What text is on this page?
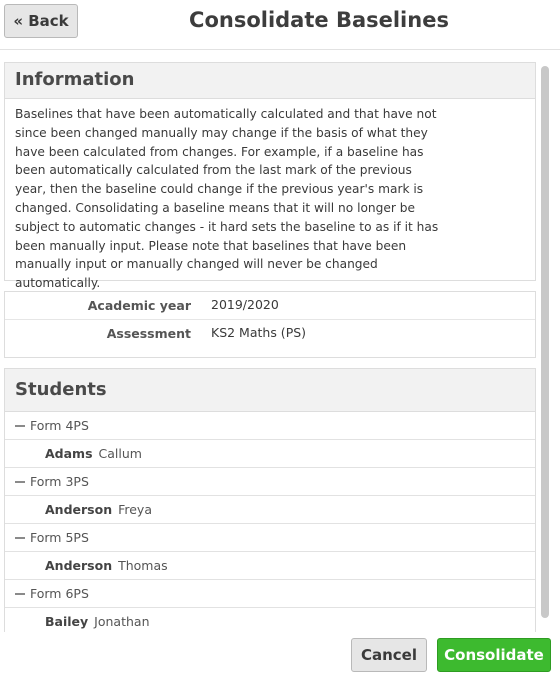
« Back	Consolidate Baselines
Information
Baselines that have been automatically calculated and that have not since been changed manually may change if the basis of what they have been calculated from changes. For example, if a baseline has been automatically calculated from the last mark of the previous year, then the baseline could change if the previous year's mark is changed. Consolidating a baseline means that it will no longer be subject to automatic changes - it hard sets the baseline to as if it has been manually input. Please note that baselines that have been manually input or manually changed will never be changed automatically.
Academic year 2019/2020
Assessment KS2 Maths (PS)
Students
Form 4PS
Adams Callum
Form 3PS
Anderson Freya
Form 5PS
Anderson Thomas
Form 6PS
Bailey Jonathan
Cancel	Consolidate
